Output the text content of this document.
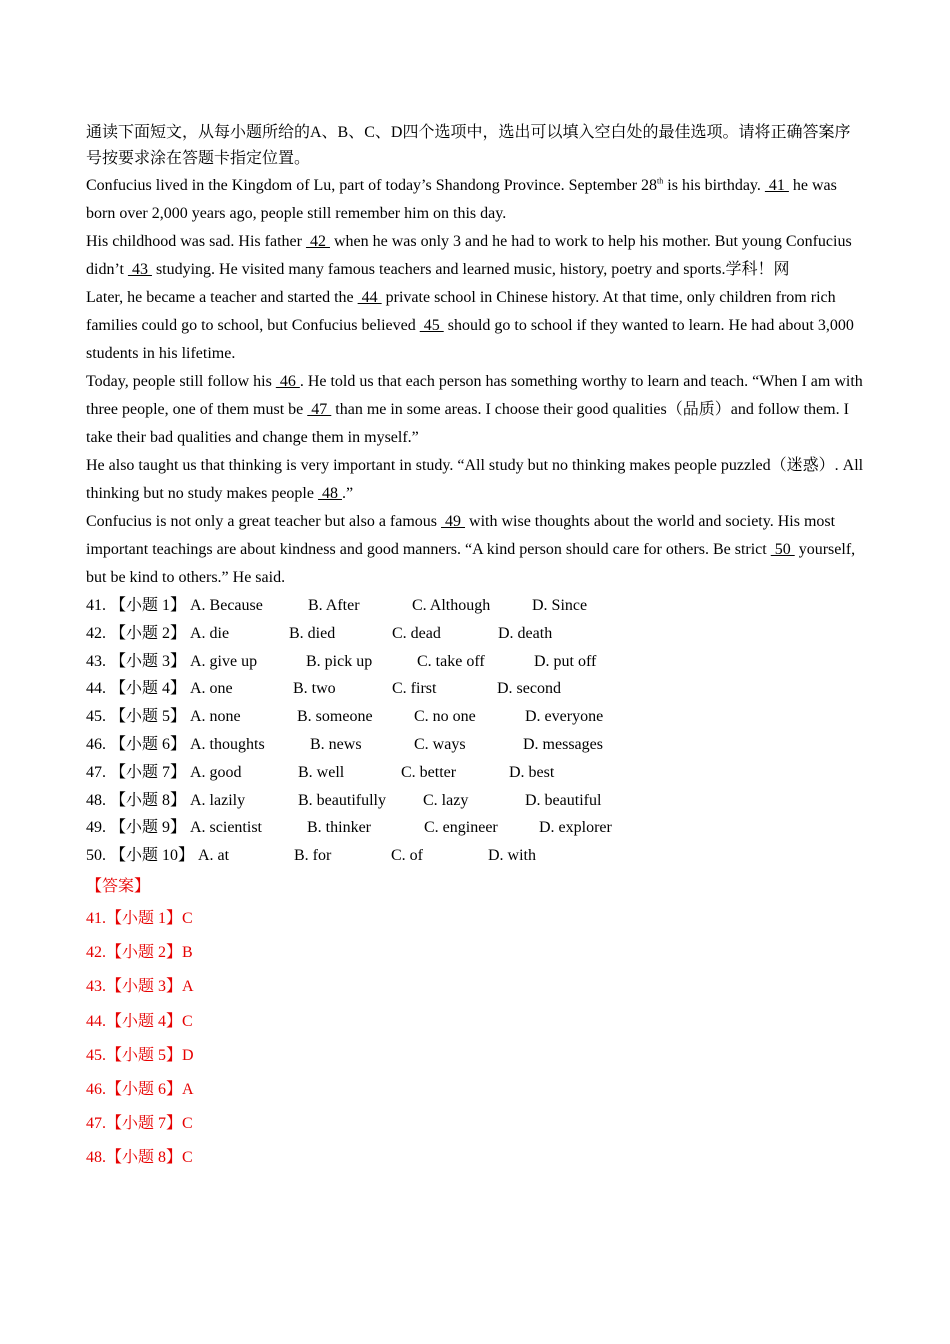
通读下面短文，从每小题所给的A、B、C、D四个选项中，选出可以填入空白处的最佳选项。请将正确答案序号按要求涂在答题卡指定位置。

Confucius lived in the Kingdom of Lu, part of today’s Shandong Province. September 28th is his birthday.  41  he was born over 2,000 years ago, people still remember him on this day.

His childhood was sad. His father  42  when he was only 3 and he had to work to help his mother. But young Confucius didn’t  43  studying. He visited many famous teachers and learned music, history, poetry and sports.学科！网

Later, he became a teacher and started the  44  private school in Chinese history. At that time, only children from rich families could go to school, but Confucius believed  45  should go to school if they wanted to learn. He had about 3,000 students in his lifetime.

Today, people still follow his  46 . He told us that each person has something worthy to learn and teach. “When I am with three people, one of them must be  47  than me in some areas. I choose their good qualities（品质）and follow them. I take their bad qualities and change them in myself.”

He also taught us that thinking is very important in study. “All study but no thinking makes people puzzled（迷惑）. All thinking but no study makes people  48 .”

Confucius is not only a great teacher but also a famous  49  with wise thoughts about the world and society. His most important teachings are about kindness and good manners. “A kind person should care for others. Be strict  50  yourself, but be kind to others.” He said.

41. 【小题 1】 A. Because	B. After	C. Although	D. Since
42. 【小题 2】 A. die	B. died	C. dead	D. death
43. 【小题 3】 A. give up	B. pick up	C. take off	D. put off
44. 【小题 4】 A. one	B. two	C. first	D. second
45. 【小题 5】 A. none	B. someone	C. no one	D. everyone
46. 【小题 6】 A. thoughts	B. news	C. ways	D. messages
47. 【小题 7】 A. good	B. well	C. better	D. best
48. 【小题 8】 A. lazily	B. beautifully C. lazy	D. beautiful
49. 【小题 9】 A. scientist	B. thinker	C. engineer	D. explorer
50. 【小题 10】 A. at	B. for	C. of	D. with
【答案】
41.【小题 1】C
42.【小题 2】B
43.【小题 3】A
44.【小题 4】C
45.【小题 5】D
46.【小题 6】A
47.【小题 7】C
48.【小题 8】C
